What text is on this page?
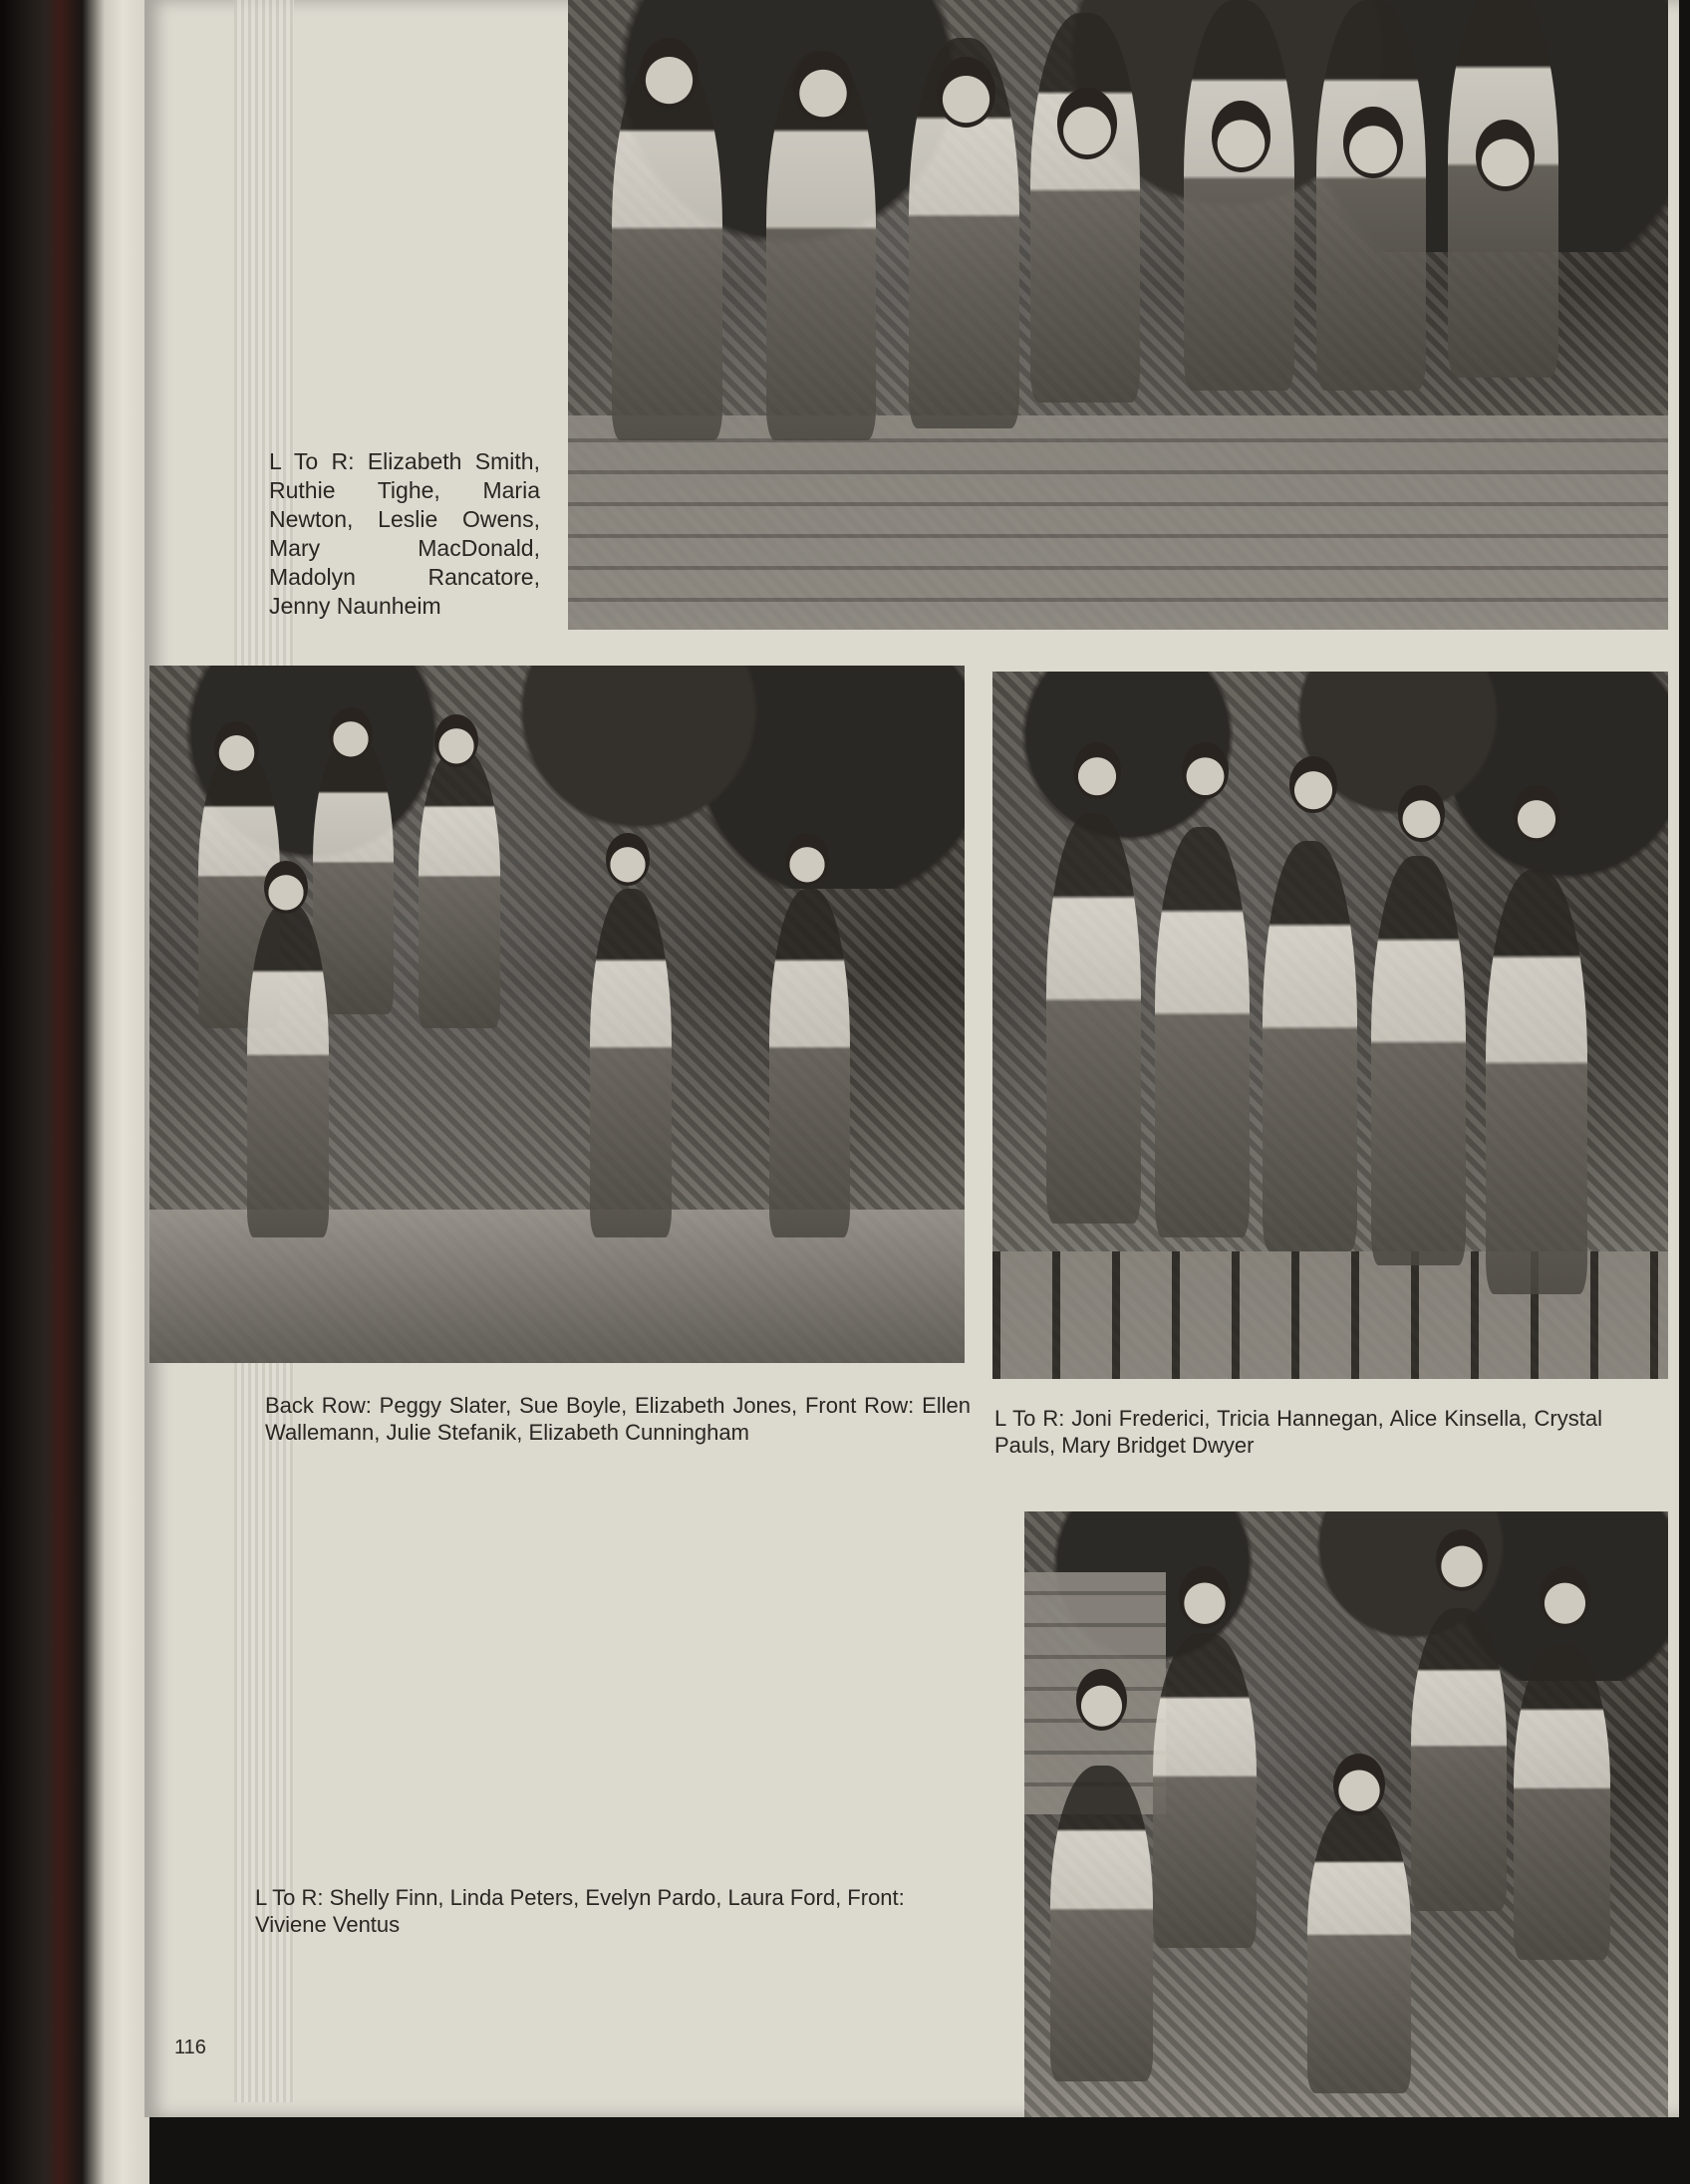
L To R: Elizabeth Smith, Ruthie Tighe, Maria Newton, Leslie Owens, Mary MacDonald, Madolyn Rancatore, Jenny Naunheim

Back Row: Peggy Slater, Sue Boyle, Elizabeth Jones, Front Row: Ellen Wallemann, Julie Stefanik, Elizabeth Cunningham

L To R: Joni Frederici, Tricia Hannegan, Alice Kinsella, Crystal Pauls, Mary Bridget Dwyer

L To R: Shelly Finn, Linda Peters, Evelyn Pardo, Laura Ford, Front: Viviene Ventus

116
